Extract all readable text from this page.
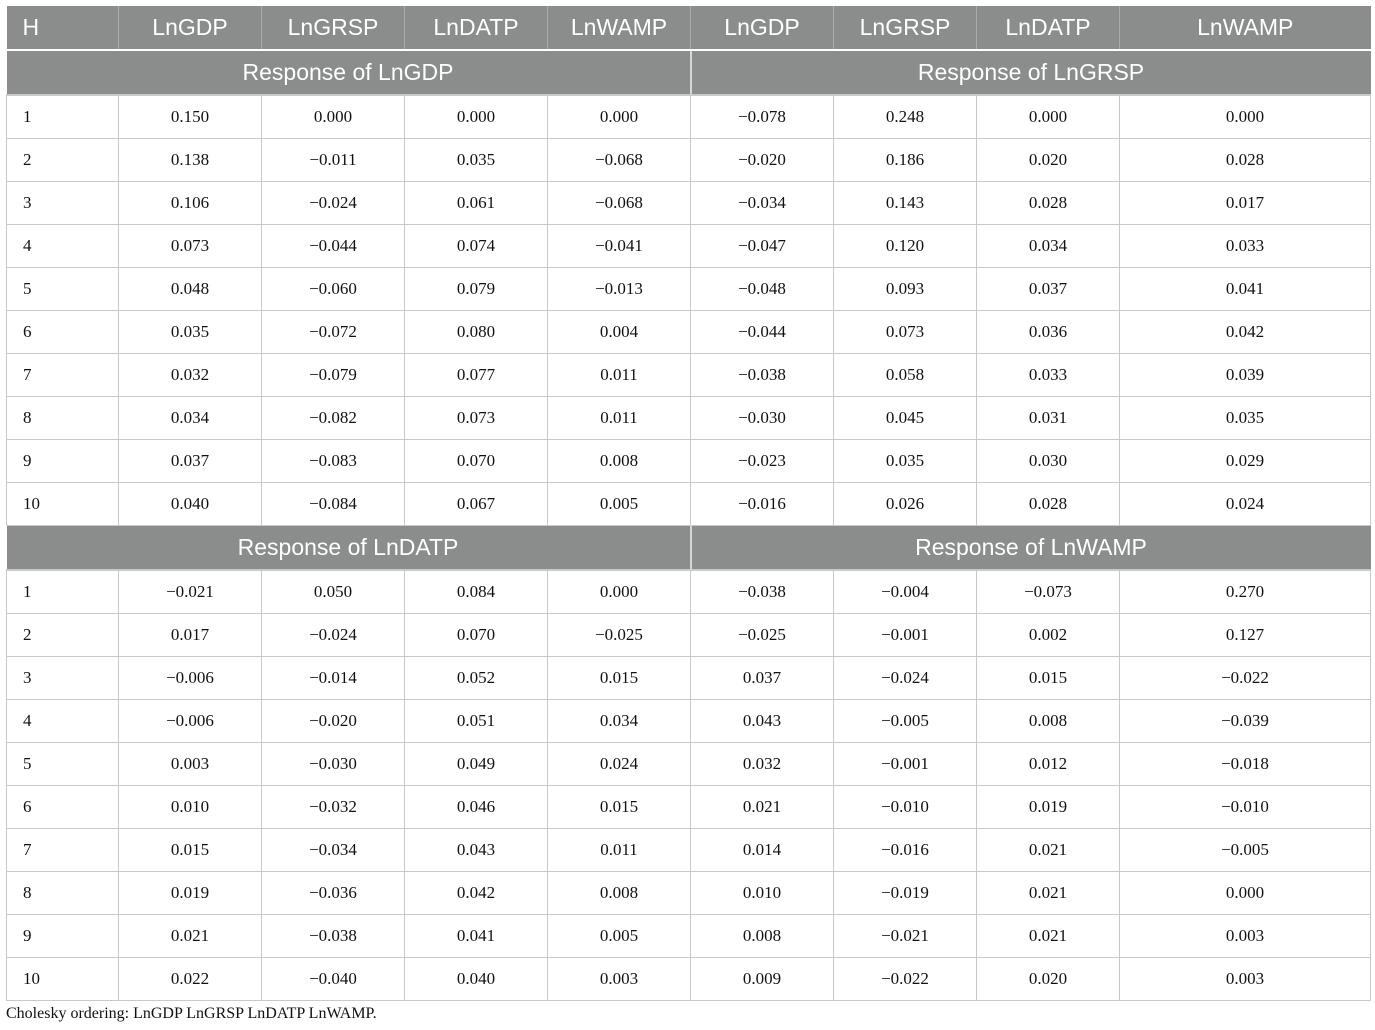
H	LnGDP	LnGRSP	LnDATP	LnWAMP	LnGDP	LnGRSP	LnDATP	LnWAMP
Response of LnGDP					Response of LnGRSP			
1	0.150	0.000	0.000	0.000	−0.078	0.248	0.000	0.000
2	0.138	−0.011	0.035	−0.068	−0.020	0.186	0.020	0.028
3	0.106	−0.024	0.061	−0.068	−0.034	0.143	0.028	0.017
4	0.073	−0.044	0.074	−0.041	−0.047	0.120	0.034	0.033
5	0.048	−0.060	0.079	−0.013	−0.048	0.093	0.037	0.041
6	0.035	−0.072	0.080	0.004	−0.044	0.073	0.036	0.042
7	0.032	−0.079	0.077	0.011	−0.038	0.058	0.033	0.039
8	0.034	−0.082	0.073	0.011	−0.030	0.045	0.031	0.035
9	0.037	−0.083	0.070	0.008	−0.023	0.035	0.030	0.029
10	0.040	−0.084	0.067	0.005	−0.016	0.026	0.028	0.024
Response of LnDATP					Response of LnWAMP			
1	−0.021	0.050	0.084	0.000	−0.038	−0.004	−0.073	0.270
2	0.017	−0.024	0.070	−0.025	−0.025	−0.001	0.002	0.127
3	−0.006	−0.014	0.052	0.015	0.037	−0.024	0.015	−0.022
4	−0.006	−0.020	0.051	0.034	0.043	−0.005	0.008	−0.039
5	0.003	−0.030	0.049	0.024	0.032	−0.001	0.012	−0.018
6	0.010	−0.032	0.046	0.015	0.021	−0.010	0.019	−0.010
7	0.015	−0.034	0.043	0.011	0.014	−0.016	0.021	−0.005
8	0.019	−0.036	0.042	0.008	0.010	−0.019	0.021	0.000
9	0.021	−0.038	0.041	0.005	0.008	−0.021	0.021	0.003
10	0.022	−0.040	0.040	0.003	0.009	−0.022	0.020	0.003
Cholesky ordering: LnGDP LnGRSP LnDATP LnWAMP.
